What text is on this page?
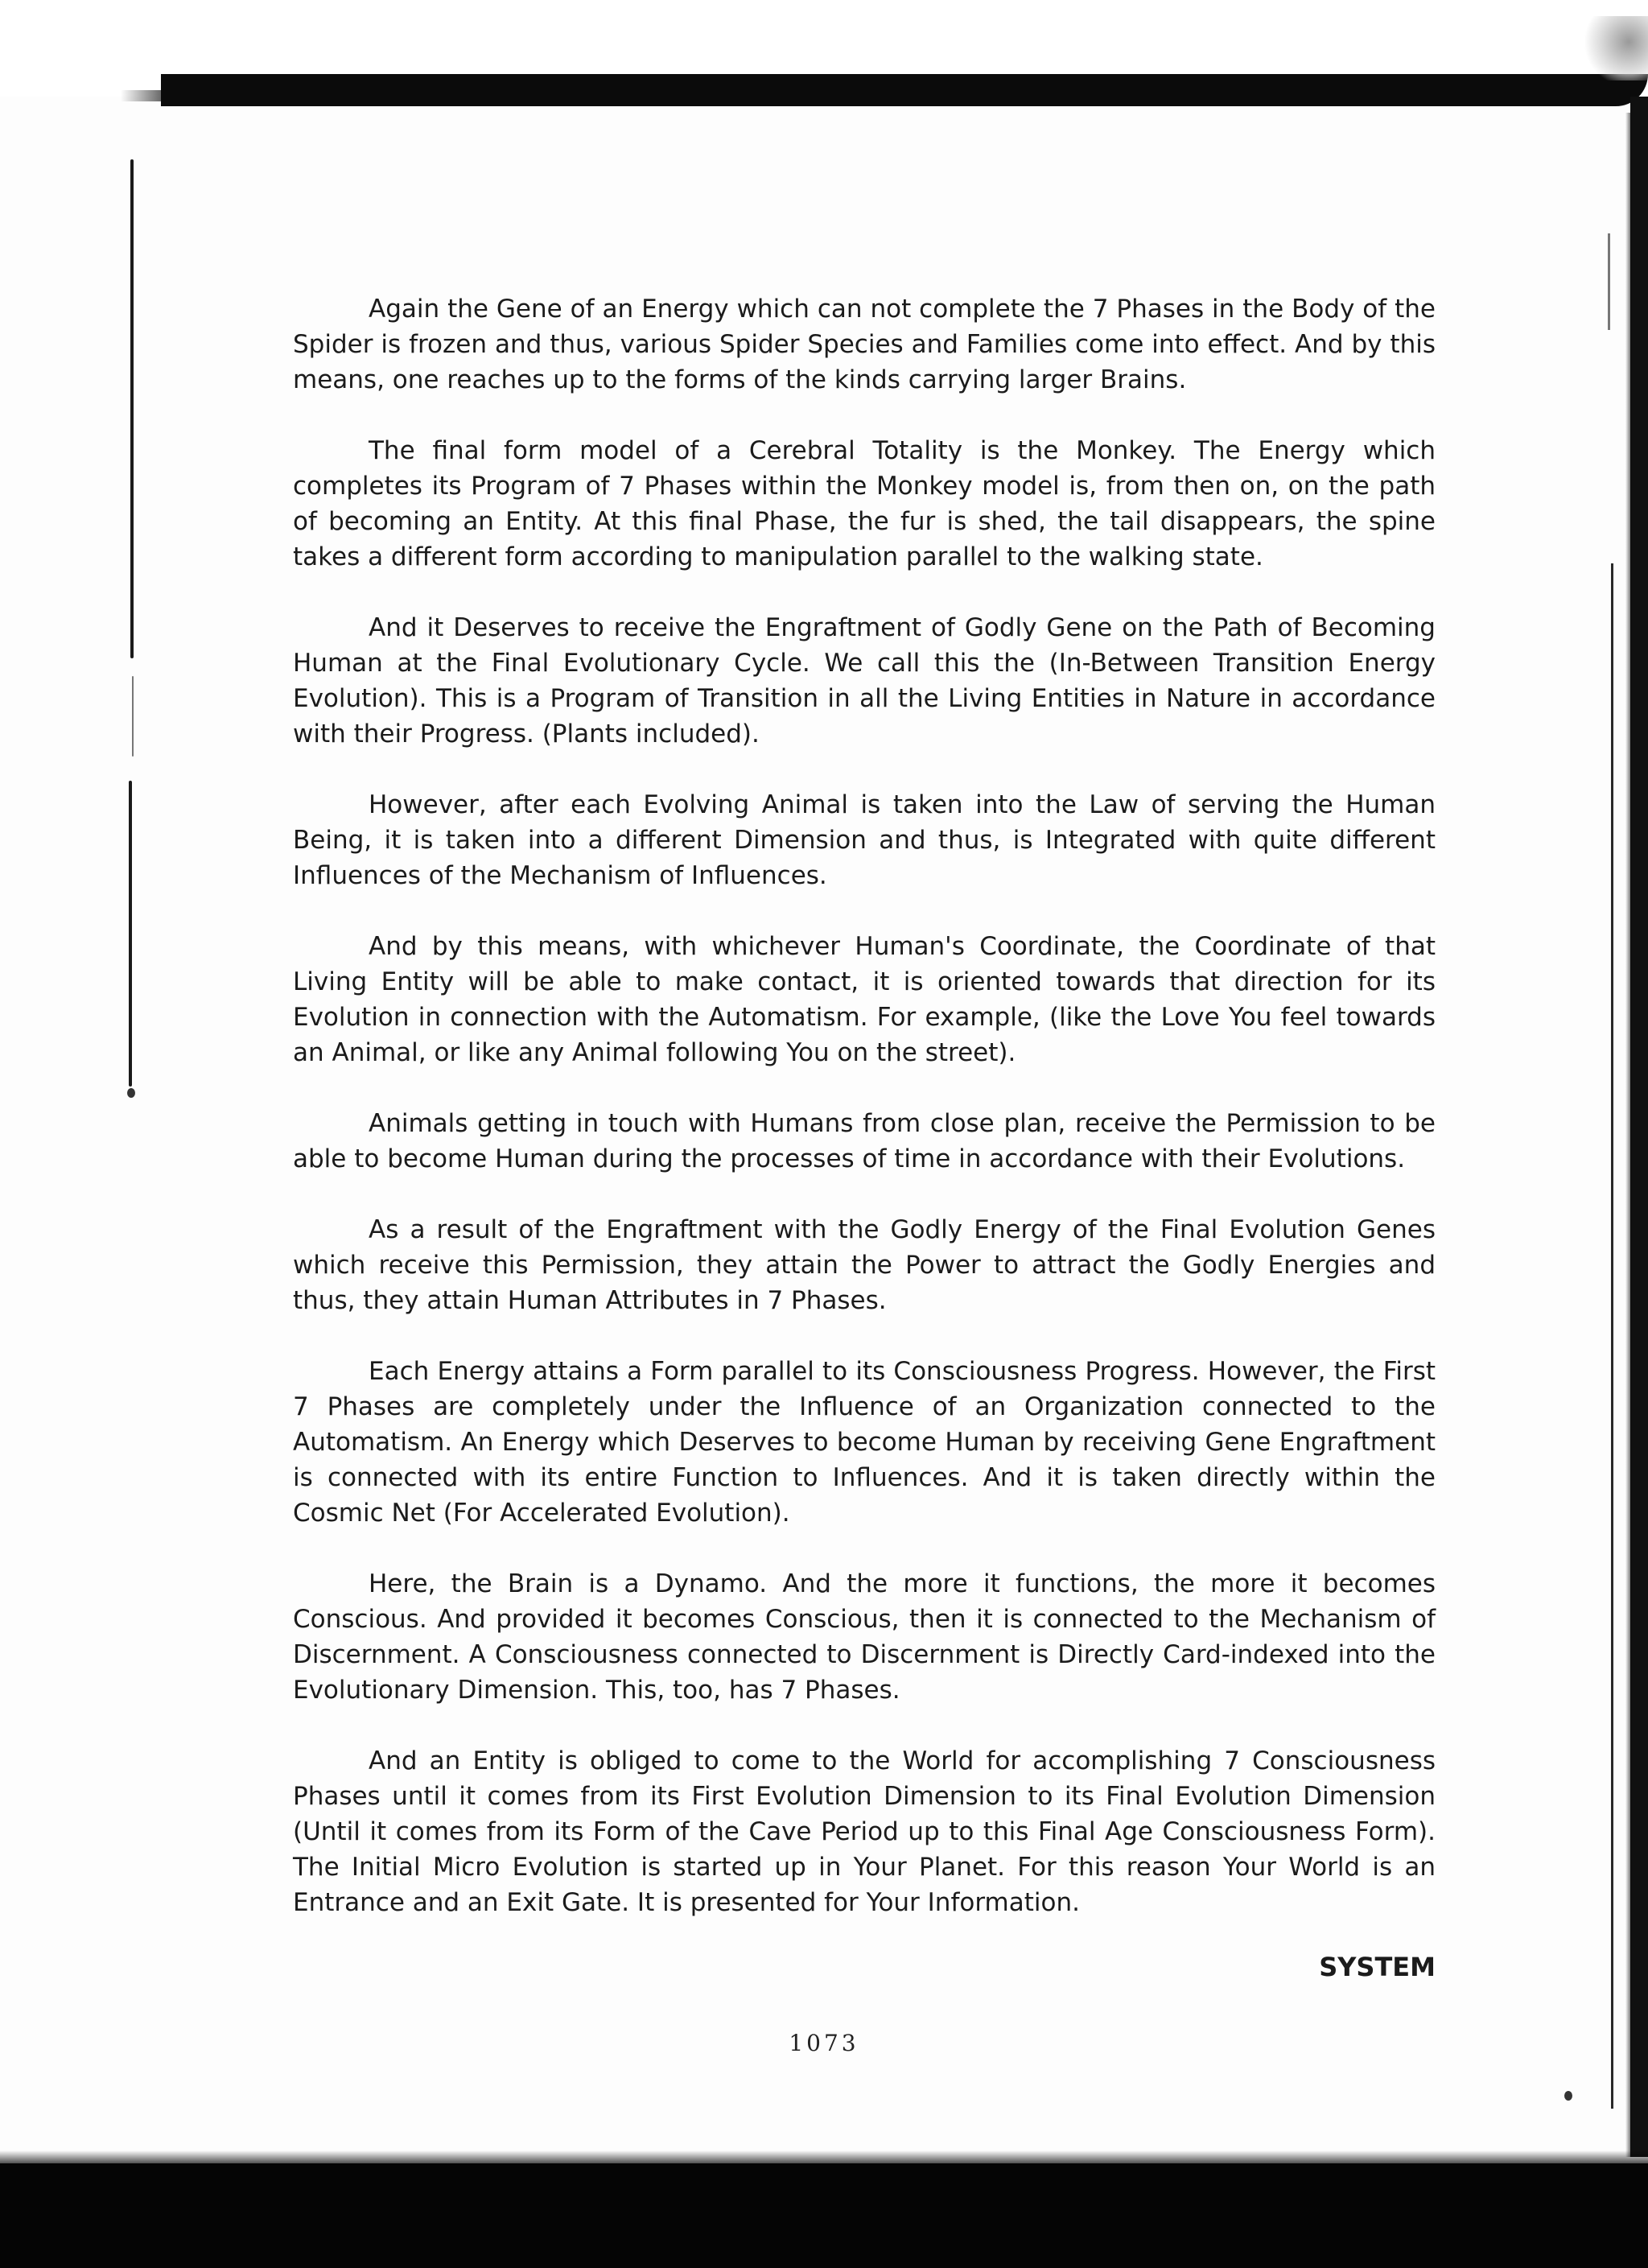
Again the Gene of an Energy which can not complete the 7 Phases in the Body of the Spider is frozen and thus, various Spider Species and Families come into effect. And by this means, one reaches up to the forms of the kinds carrying larger Brains.

The final form model of a Cerebral Totality is the Monkey. The Energy which completes its Program of 7 Phases within the Monkey model is, from then on, on the path of becoming an Entity. At this final Phase, the fur is shed, the tail disappears, the spine takes a different form according to manipulation parallel to the walking state.

And it Deserves to receive the Engraftment of Godly Gene on the Path of Becoming Human at the Final Evolutionary Cycle. We call this the (In-Between Transition Energy Evolution). This is a Program of Transition in all the Living Entities in Nature in accordance with their Progress. (Plants included).

However, after each Evolving Animal is taken into the Law of serving the Human Being, it is taken into a different Dimension and thus, is Integrated with quite different Influences of the Mechanism of Influences.

And by this means, with whichever Human's Coordinate, the Coordinate of that Living Entity will be able to make contact, it is oriented towards that direction for its Evolution in connection with the Automatism. For example, (like the Love You feel towards an Animal, or like any Animal following You on the street).

Animals getting in touch with Humans from close plan, receive the Permission to be able to become Human during the processes of time in accordance with their Evolutions.

As a result of the Engraftment with the Godly Energy of the Final Evolution Genes which receive this Permission, they attain the Power to attract the Godly Energies and thus, they attain Human Attributes in 7 Phases.

Each Energy attains a Form parallel to its Consciousness Progress. However, the First 7 Phases are completely under the Influence of an Organization connected to the Automatism. An Energy which Deserves to become Human by receiving Gene Engraftment is connected with its entire Function to Influences. And it is taken directly within the Cosmic Net (For Accelerated Evolution).

Here, the Brain is a Dynamo. And the more it functions, the more it becomes Conscious. And provided it becomes Conscious, then it is connected to the Mechanism of Discernment. A Consciousness connected to Discernment is Directly Card-indexed into the Evolutionary Dimension. This, too, has 7 Phases.

And an Entity is obliged to come to the World for accomplishing 7 Consciousness Phases until it comes from its First Evolution Dimension to its Final Evolution Dimension (Until it comes from its Form of the Cave Period up to this Final Age Consciousness Form). The Initial Micro Evolution is started up in Your Planet. For this reason Your World is an Entrance and an Exit Gate. It is presented for Your Information.

SYSTEM
1073
